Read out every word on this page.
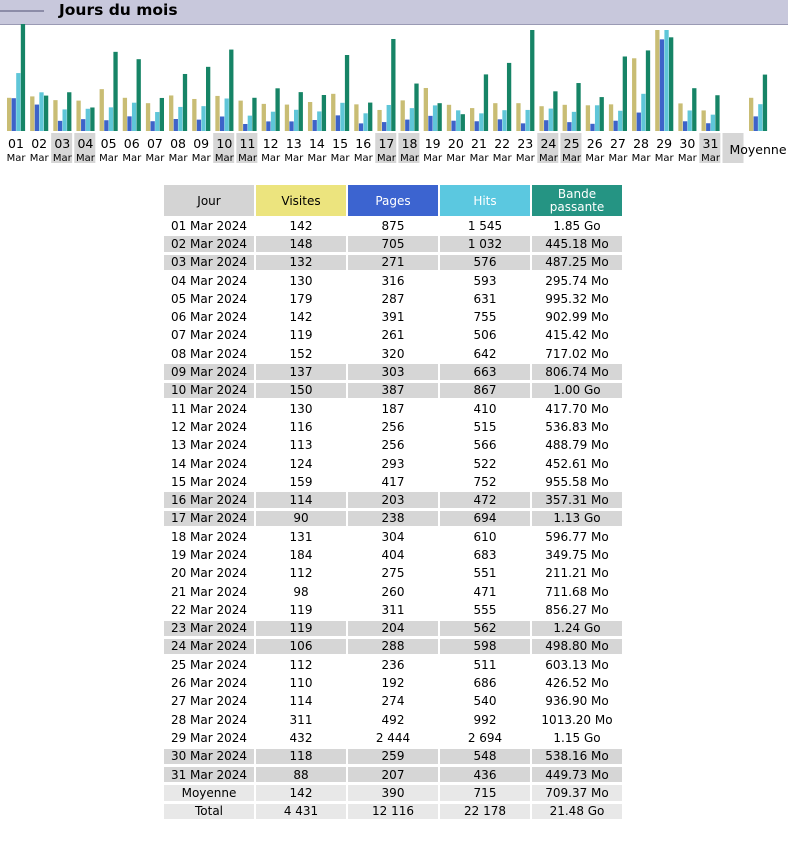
Jours du mois
01
Mar
02
Mar
03
Mar
04
Mar
05
Mar
06
Mar
07
Mar
08
Mar
09
Mar
10
Mar
11
Mar
12
Mar
13
Mar
14
Mar
15
Mar
16
Mar
17
Mar
18
Mar
19
Mar
20
Mar
21
Mar
22
Mar
23
Mar
24
Mar
25
Mar
26
Mar
27
Mar
28
Mar
29
Mar
30
Mar
31
Mar
Moyenne
Jour	Visites	Pages	Hits	Bande
passante
01 Mar 2024	142	875	1 545	1.85 Go
02 Mar 2024	148	705	1 032	445.18 Mo
03 Mar 2024	132	271	576	487.25 Mo
04 Mar 2024	130	316	593	295.74 Mo
05 Mar 2024	179	287	631	995.32 Mo
06 Mar 2024	142	391	755	902.99 Mo
07 Mar 2024	119	261	506	415.42 Mo
08 Mar 2024	152	320	642	717.02 Mo
09 Mar 2024	137	303	663	806.74 Mo
10 Mar 2024	150	387	867	1.00 Go
11 Mar 2024	130	187	410	417.70 Mo
12 Mar 2024	116	256	515	536.83 Mo
13 Mar 2024	113	256	566	488.79 Mo
14 Mar 2024	124	293	522	452.61 Mo
15 Mar 2024	159	417	752	955.58 Mo
16 Mar 2024	114	203	472	357.31 Mo
17 Mar 2024	90	238	694	1.13 Go
18 Mar 2024	131	304	610	596.77 Mo
19 Mar 2024	184	404	683	349.75 Mo
20 Mar 2024	112	275	551	211.21 Mo
21 Mar 2024	98	260	471	711.68 Mo
22 Mar 2024	119	311	555	856.27 Mo
23 Mar 2024	119	204	562	1.24 Go
24 Mar 2024	106	288	598	498.80 Mo
25 Mar 2024	112	236	511	603.13 Mo
26 Mar 2024	110	192	686	426.52 Mo
27 Mar 2024	114	274	540	936.90 Mo
28 Mar 2024	311	492	992	1013.20 Mo
29 Mar 2024	432	2 444	2 694	1.15 Go
30 Mar 2024	118	259	548	538.16 Mo
31 Mar 2024	88	207	436	449.73 Mo
Moyenne	142	390	715	709.37 Mo
Total	4 431	12 116	22 178	21.48 Go
